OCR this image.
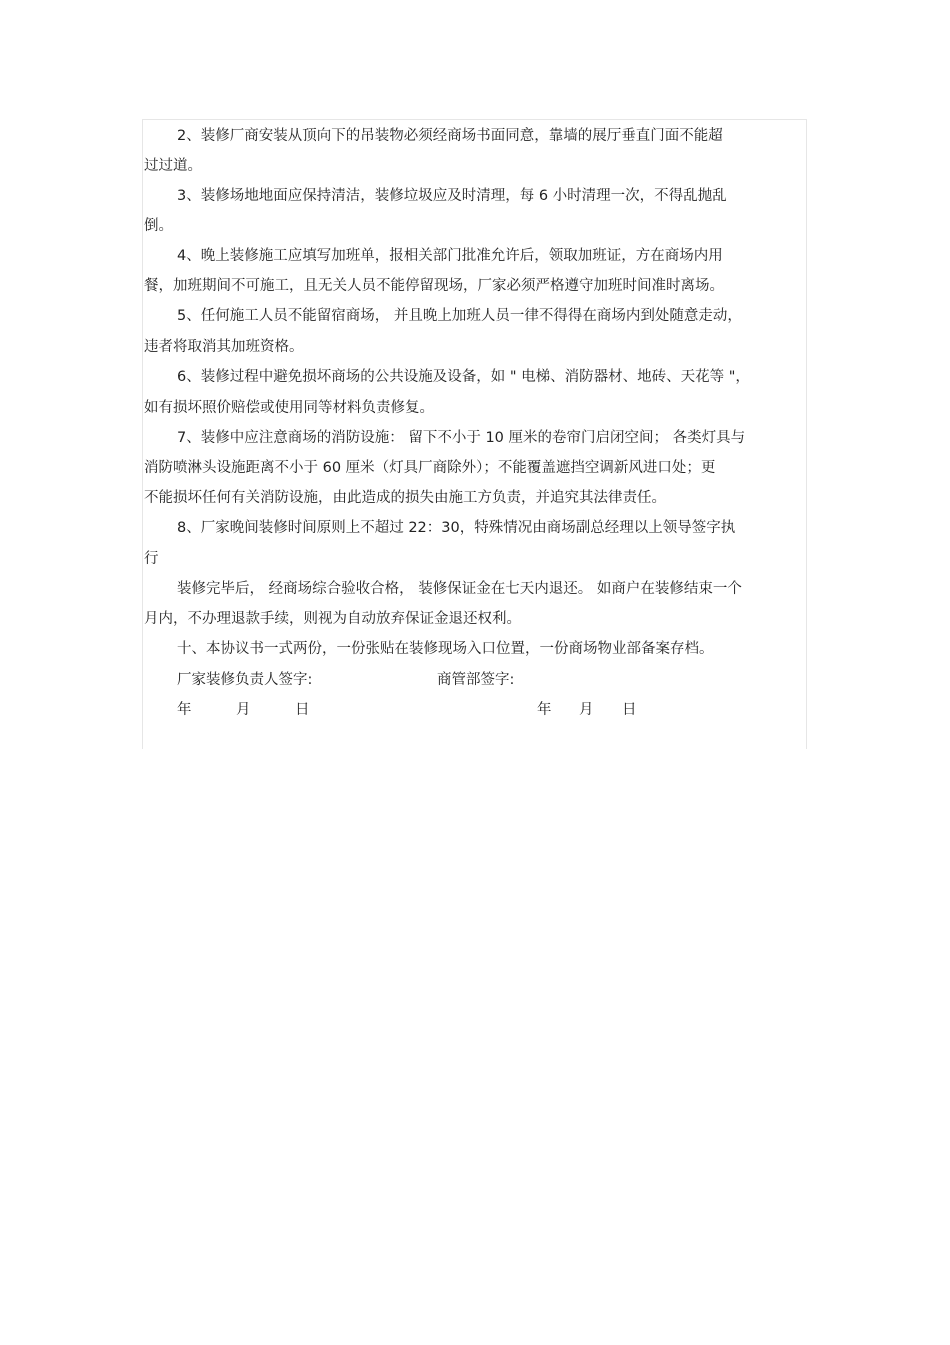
2、装修厂商安装从顶向下的吊装物必须经商场书面同意，靠墙的展厅垂直门面不能超
过过道。
3、装修场地地面应保持清洁，装修垃圾应及时清理，每 6 小时清理一次，不得乱抛乱
倒。
4、晚上装修施工应填写加班单，报相关部门批准允许后，领取加班证，方在商场内用
餐，加班期间不可施工，且无关人员不能停留现场，厂家必须严格遵守加班时间准时离场。
5、任何施工人员不能留宿商场， 并且晚上加班人员一律不得得在商场内到处随意走动，
违者将取消其加班资格。
6、装修过程中避免损坏商场的公共设施及设备，如 " 电梯、消防器材、地砖、天花等 "，
如有损坏照价赔偿或使用同等材料负责修复。
7、装修中应注意商场的消防设施： 留下不小于 10 厘米的卷帘门启闭空间； 各类灯具与
消防喷淋头设施距离不小于 60 厘米（灯具厂商除外）；不能覆盖遮挡空调新风进口处；更
不能损坏任何有关消防设施，由此造成的损失由施工方负责，并追究其法律责任。
8、厂家晚间装修时间原则上不超过 22：30，特殊情况由商场副总经理以上领导签字执
行
装修完毕后， 经商场综合验收合格， 装修保证金在七天内退还。 如商户在装修结束一个
月内，不办理退款手续，则视为自动放弃保证金退还权利。
十、本协议书一式两份，一份张贴在装修现场入口位置，一份商场物业部备案存档。
厂家装修负责人签字:	商管部签字:
年	月	日	年 月 日
